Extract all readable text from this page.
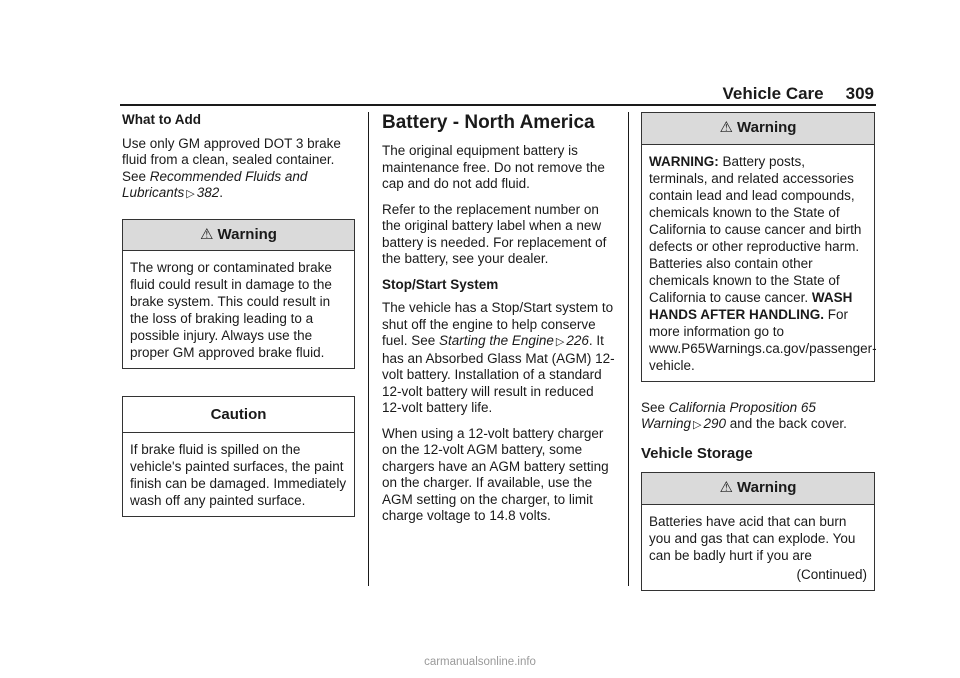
Vehicle Care 309

What to Add

Use only GM approved DOT 3 brake fluid from a clean, sealed container. See Recommended Fluids and Lubricants ▷ 382.

⚠ Warning
The wrong or contaminated brake fluid could result in damage to the brake system. This could result in the loss of braking leading to a possible injury. Always use the proper GM approved brake fluid.
Caution
If brake fluid is spilled on the vehicle's painted surfaces, the paint finish can be damaged. Immediately wash off any painted surface.
Battery - North America

The original equipment battery is maintenance free. Do not remove the cap and do not add fluid.

Refer to the replacement number on the original battery label when a new battery is needed. For replacement of the battery, see your dealer.

Stop/Start System

The vehicle has a Stop/Start system to shut off the engine to help conserve fuel. See Starting the Engine ▷ 226. It has an Absorbed Glass Mat (AGM) 12-volt battery. Installation of a standard 12-volt battery will result in reduced 12-volt battery life.

When using a 12-volt battery charger on the 12-volt AGM battery, some chargers have an AGM battery setting on the charger. If available, use the AGM setting on the charger, to limit charge voltage to 14.8 volts.

⚠ Warning
WARNING: Battery posts, terminals, and related accessories contain lead and lead compounds, chemicals known to the State of California to cause cancer and birth defects or other reproductive harm. Batteries also contain other chemicals known to the State of California to cause cancer. WASH HANDS AFTER HANDLING. For more information go to www.P65Warnings.ca.gov/passenger-vehicle.

See California Proposition 65 Warning ▷ 290 and the back cover.

Vehicle Storage
⚠ Warning
Batteries have acid that can burn you and gas that can explode. You can be badly hurt if you are
(Continued)
carmanualsonline.info
